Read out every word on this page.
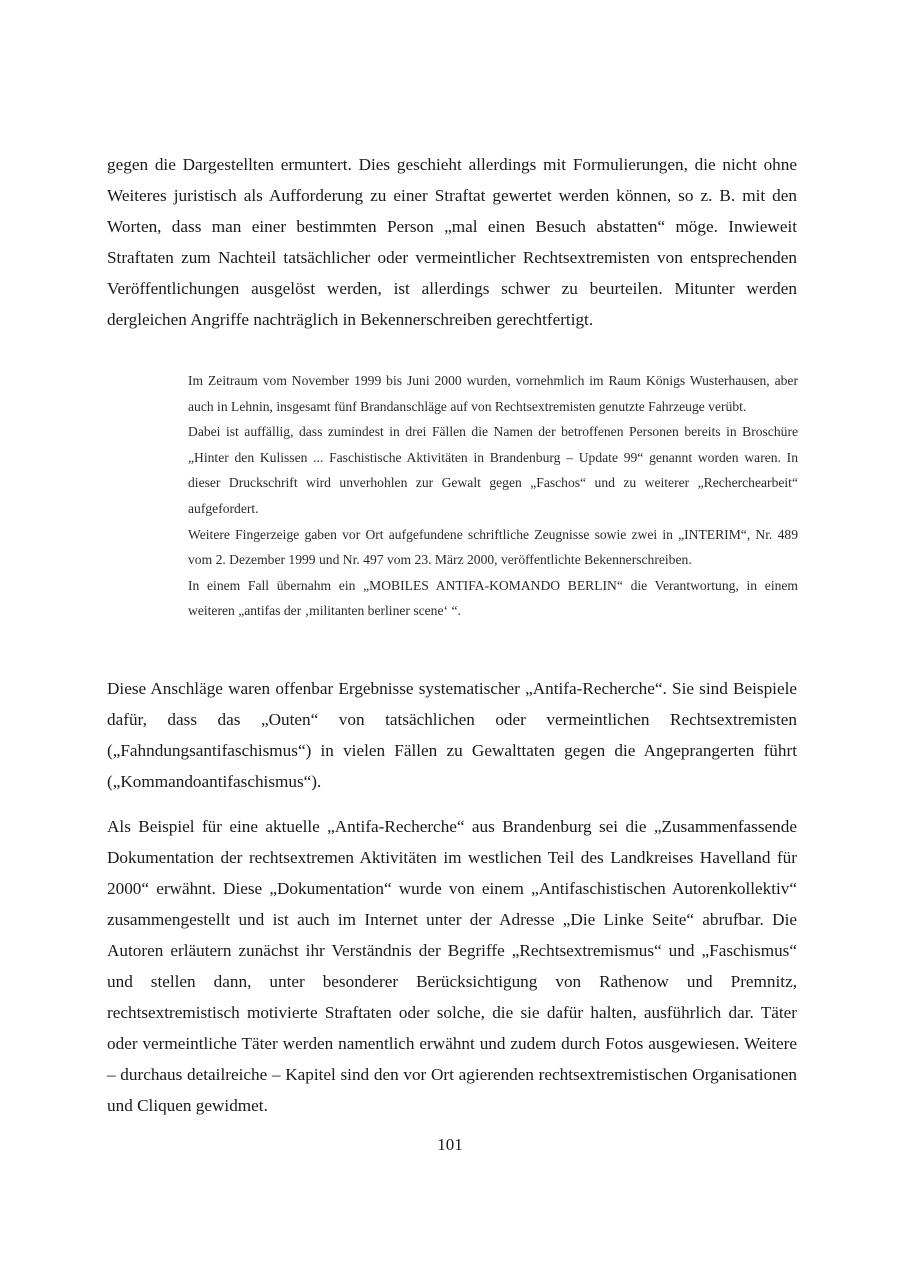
gegen die Dargestellten ermuntert. Dies geschieht allerdings mit Formulierungen, die nicht ohne Weiteres juristisch als Aufforderung zu einer Straftat gewertet werden können, so z. B. mit den Worten, dass man einer bestimmten Person „mal einen Besuch abstatten“ möge. Inwieweit Straftaten zum Nachteil tatsächlicher oder vermeintlicher Rechtsextremisten von entsprechenden Veröffentlichungen ausgelöst werden, ist allerdings schwer zu beurteilen. Mitunter werden dergleichen Angriffe nachträglich in Bekennerschreiben gerechtfertigt.

Im Zeitraum vom November 1999 bis Juni 2000 wurden, vornehmlich im Raum Königs Wusterhausen, aber auch in Lehnin, insgesamt fünf Brandanschläge auf von Rechtsextremisten genutzte Fahrzeuge verübt.
Dabei ist auffällig, dass zumindest in drei Fällen die Namen der betroffenen Personen bereits in Broschüre „Hinter den Kulissen ... Faschistische Aktivitäten in Brandenburg – Update 99“ genannt worden waren. In dieser Druckschrift wird unverhohlen zur Gewalt gegen „Faschos“ und zu weiterer „Recherchearbeit“ aufgefordert.
Weitere Fingerzeige gaben vor Ort aufgefundene schriftliche Zeugnisse sowie zwei in „INTERIM“, Nr. 489 vom 2. Dezember 1999 und Nr. 497 vom 23. März 2000, veröffentlichte Bekennerschreiben.
In einem Fall übernahm ein „MOBILES ANTIFA-KOMANDO BERLIN“ die Verantwortung, in einem weiteren „antifas der ‚militanten berliner scene‘ “.

Diese Anschläge waren offenbar Ergebnisse systematischer „Antifa-Recherche“. Sie sind Beispiele dafür, dass das „Outen“ von tatsächlichen oder vermeintlichen Rechtsextremisten („Fahndungsantifaschismus“) in vielen Fällen zu Gewalttaten gegen die Angeprangerten führt („Kommandoantifaschismus“).

Als Beispiel für eine aktuelle „Antifa-Recherche“ aus Brandenburg sei die „Zusammenfassende Dokumentation der rechtsextremen Aktivitäten im westlichen Teil des Landkreises Havelland für 2000“ erwähnt. Diese „Dokumentation“ wurde von einem „Antifaschistischen Autorenkollektiv“ zusammengestellt und ist auch im Internet unter der Adresse „Die Linke Seite“ abrufbar. Die Autoren erläutern zunächst ihr Verständnis der Begriffe „Rechtsextremismus“ und „Faschismus“ und stellen dann, unter besonderer Berücksichtigung von Rathenow und Premnitz, rechtsextremistisch motivierte Straftaten oder solche, die sie dafür halten, ausführlich dar. Täter oder vermeintliche Täter werden namentlich erwähnt und zudem durch Fotos ausgewiesen. Weitere – durchaus detailreiche – Kapitel sind den vor Ort agierenden rechtsextremistischen Organisationen und Cliquen gewidmet.

101
